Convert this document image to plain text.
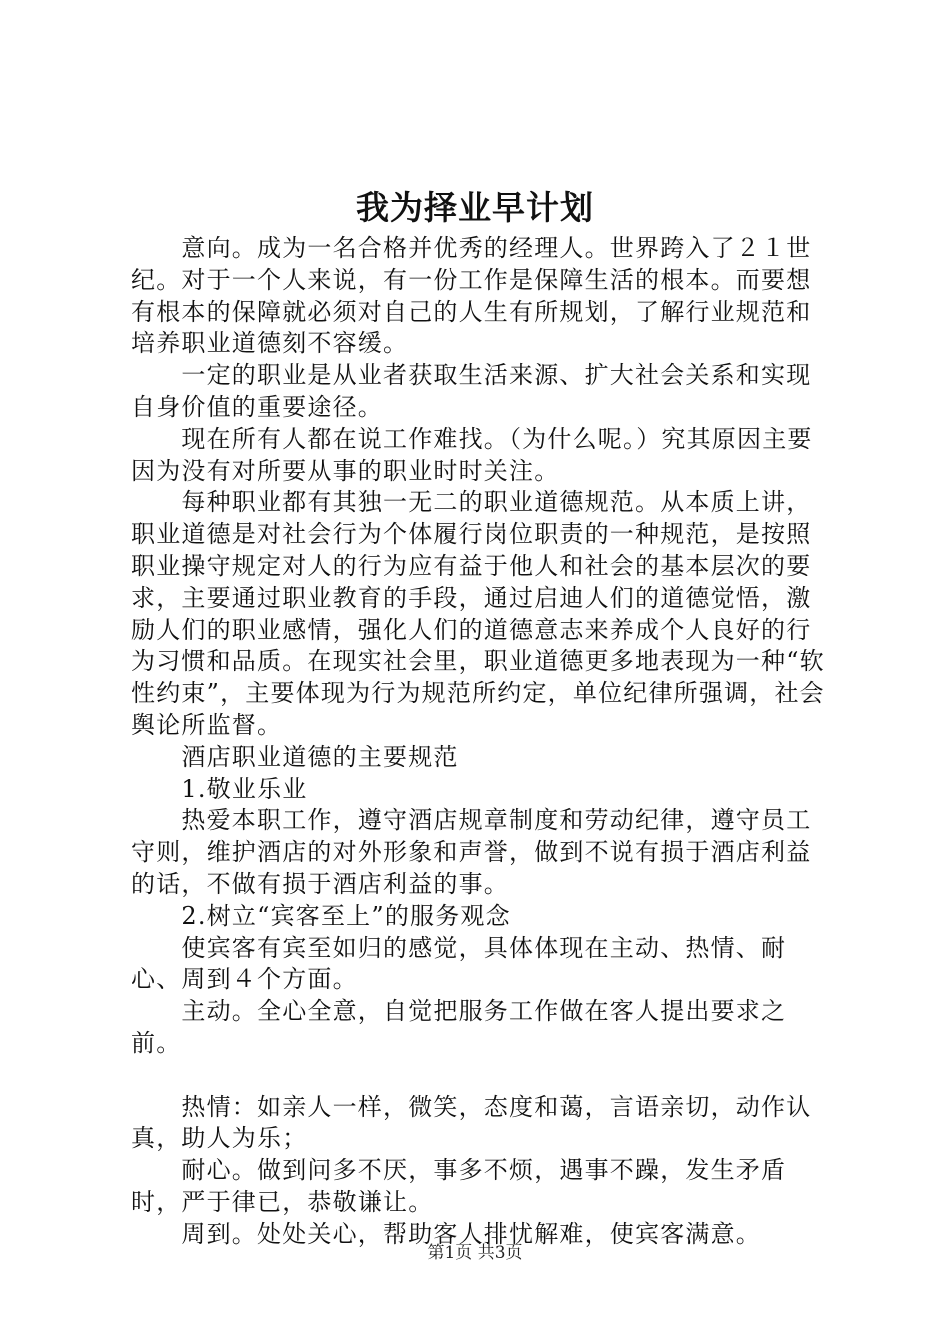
我为择业早计划

意向。成为一名合格并优秀的经理人。世界跨入了２１世纪。对于一个人来说，有一份工作是保障生活的根本。而要想有根本的保障就必须对自己的人生有所规划，了解行业规范和培养职业道德刻不容缓。

一定的职业是从业者获取生活来源、扩大社会关系和实现自身价值的重要途径。

现在所有人都在说工作难找。（为什么呢。）究其原因主要因为没有对所要从事的职业时时关注。

每种职业都有其独一无二的职业道德规范。从本质上讲，职业道德是对社会行为个体履行岗位职责的一种规范，是按照职业操守规定对人的行为应有益于他人和社会的基本层次的要求，主要通过职业教育的手段，通过启迪人们的道德觉悟，激励人们的职业感情，强化人们的道德意志来养成个人良好的行为习惯和品质。在现实社会里，职业道德更多地表现为一种“软性约束”，主要体现为行为规范所约定，单位纪律所强调，社会舆论所监督。

酒店职业道德的主要规范

1.敬业乐业

热爱本职工作，遵守酒店规章制度和劳动纪律，遵守员工守则，维护酒店的对外形象和声誉，做到不说有损于酒店利益的话，不做有损于酒店利益的事。

2.树立“宾客至上”的服务观念

使宾客有宾至如归的感觉，具体体现在主动、热情、耐心、周到４个方面。

主动。全心全意，自觉把服务工作做在客人提出要求之前。

热情：如亲人一样，微笑，态度和蔼，言语亲切，动作认真，助人为乐；

耐心。做到问多不厌，事多不烦，遇事不躁，发生矛盾时，严于律已，恭敬谦让。

周到。处处关心，帮助客人排忧解难，使宾客满意。

第1页 共3页
